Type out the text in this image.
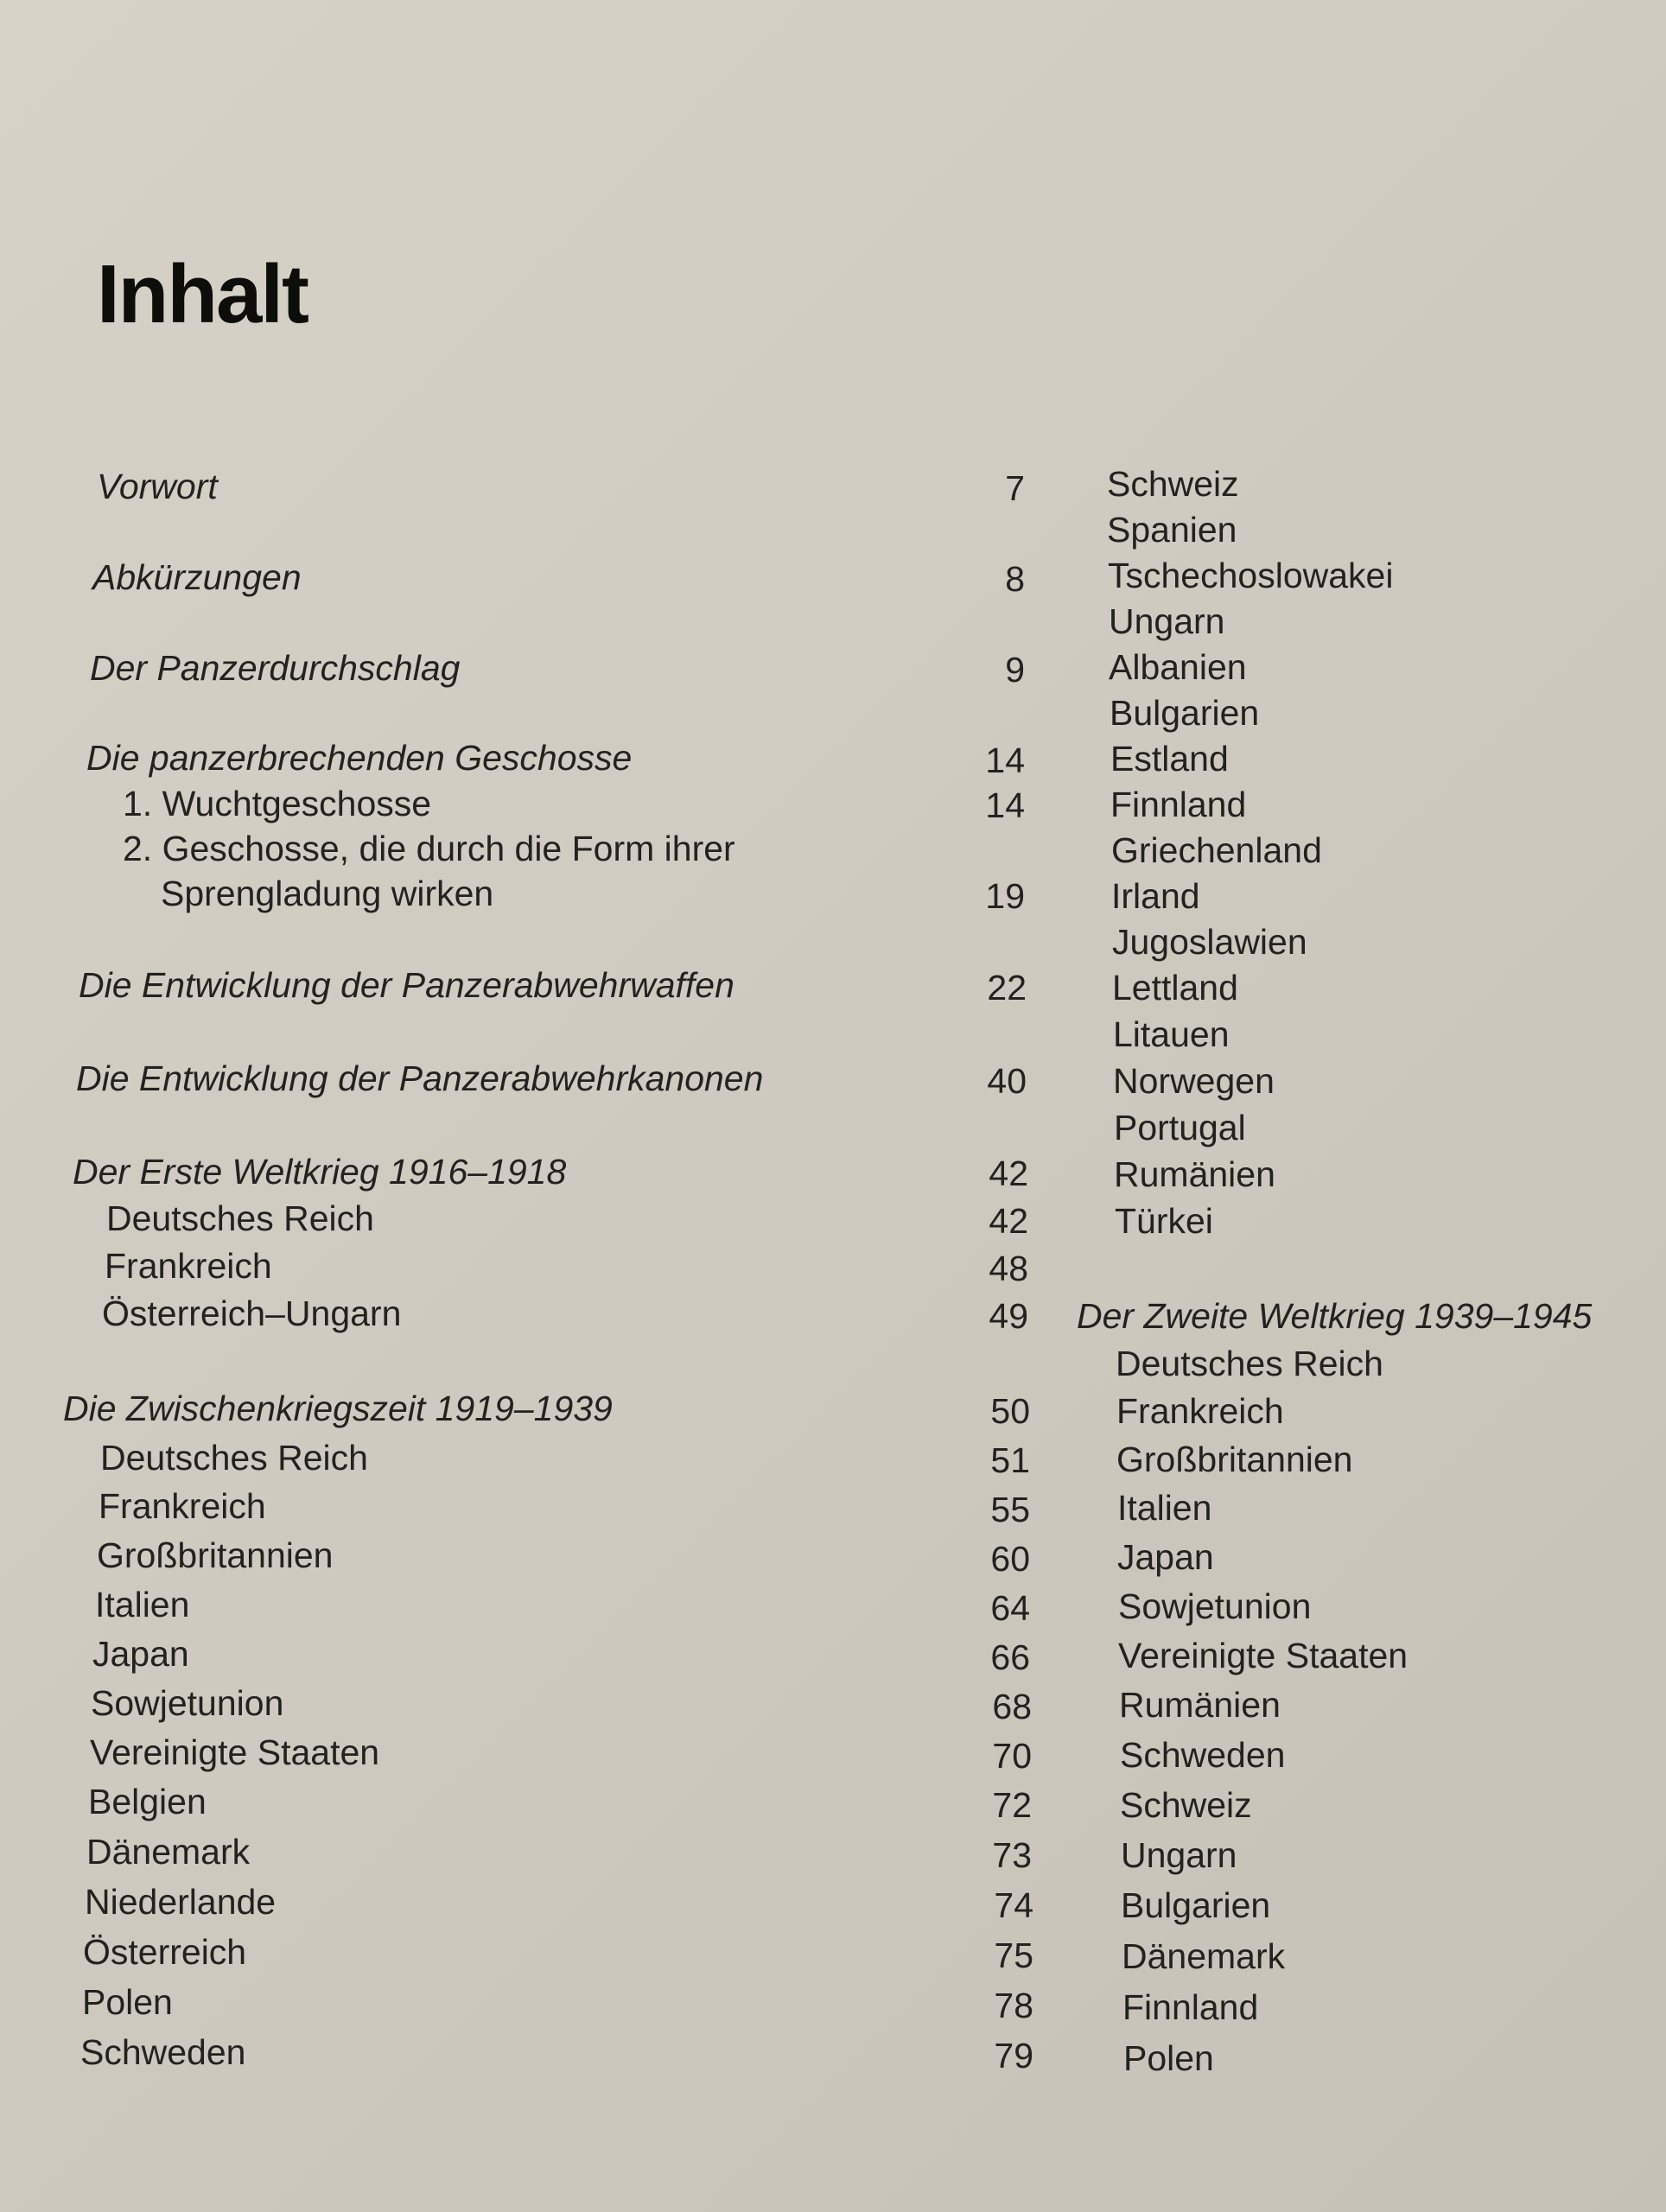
Inhalt
Vorwort	7
Abkürzungen	8
Der Panzerdurchschlag	9
Die panzerbrechenden Geschosse	14
1. Wuchtgeschosse	14
2. Geschosse, die durch die Form ihrer
Sprengladung wirken	19
Die Entwicklung der Panzerabwehrwaffen	22
Die Entwicklung der Panzerabwehrkanonen	40
Der Erste Weltkrieg 1916–1918	42
Deutsches Reich	42
Frankreich	48
Österreich–Ungarn	49
Die Zwischenkriegszeit 1919–1939	50
Deutsches Reich	51
Frankreich	55
Großbritannien	60
Italien	64
Japan	66
Sowjetunion	68
Vereinigte Staaten	70
Belgien	72
Dänemark	73
Niederlande	74
Österreich	75
Polen	78
Schweden	79
Schweiz
Spanien
Tschechoslowakei
Ungarn
Albanien
Bulgarien
Estland
Finnland
Griechenland
Irland
Jugoslawien
Lettland
Litauen
Norwegen
Portugal
Rumänien
Türkei
Der Zweite Weltkrieg 1939–1945
Deutsches Reich
Frankreich
Großbritannien
Italien
Japan
Sowjetunion
Vereinigte Staaten
Rumänien
Schweden
Schweiz
Ungarn
Bulgarien
Dänemark
Finnland
Polen
